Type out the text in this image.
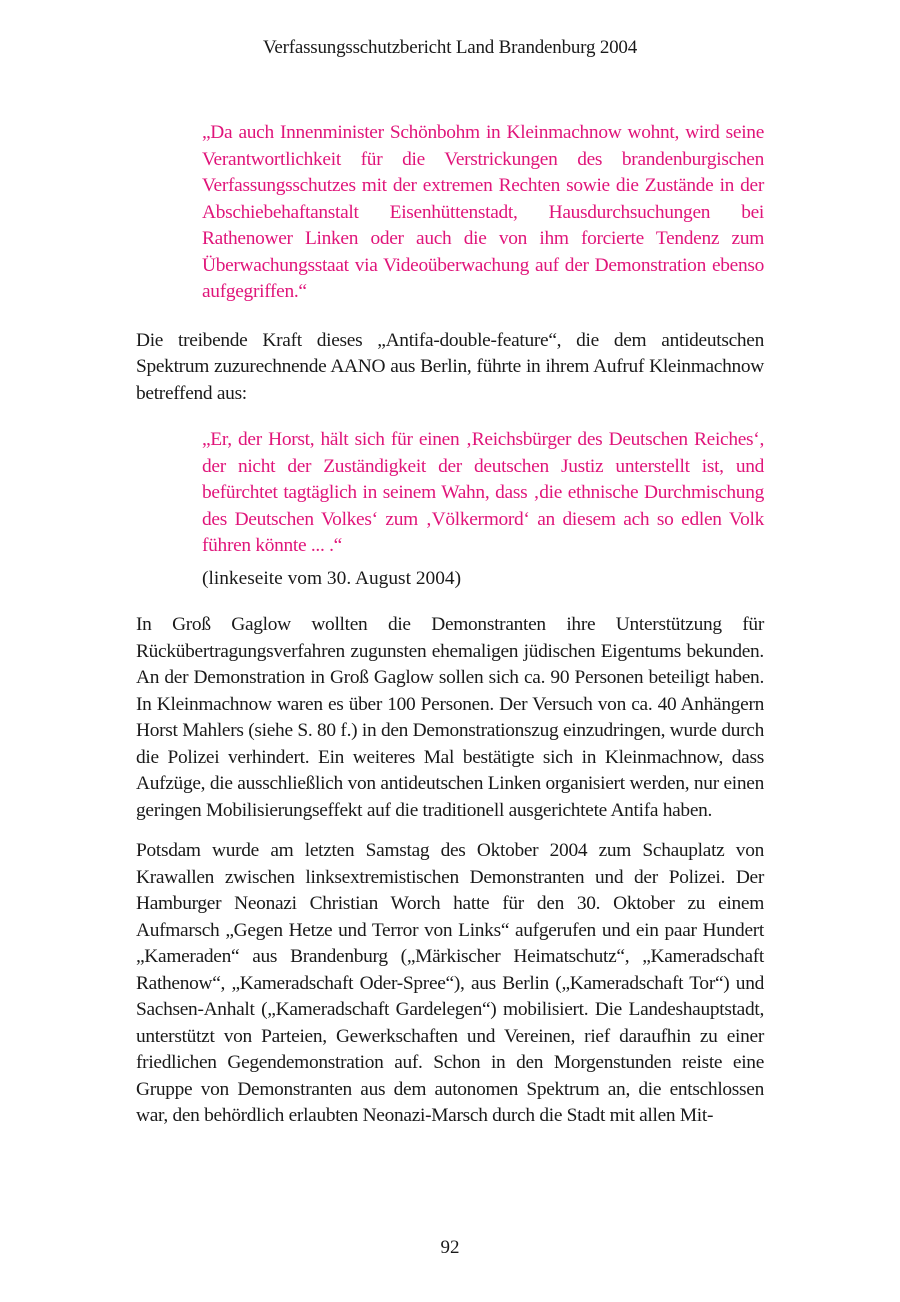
Verfassungsschutzbericht Land Brandenburg 2004
„Da auch Innenminister Schönbohm in Kleinmachnow wohnt, wird seine Verantwortlichkeit für die Verstrickungen des brandenburgischen Verfassungsschutzes mit der extremen Rechten sowie die Zustände in der Abschiebehaftanstalt Eisenhüttenstadt, Hausdurchsuchungen bei Rathenower Linken oder auch die von ihm forcierte Tendenz zum Überwachungsstaat via Videoüberwachung auf der Demonstration ebenso aufgegriffen.“

Die treibende Kraft dieses „Antifa-double-feature“, die dem antideutschen Spektrum zuzurechnende AANO aus Berlin, führte in ihrem Aufruf Kleinmachnow betreffend aus:

„Er, der Horst, hält sich für einen ‚Reichsbürger des Deutschen Reiches‘, der nicht der Zuständigkeit der deutschen Justiz unterstellt ist, und befürchtet tagtäglich in seinem Wahn, dass ‚die ethnische Durchmischung des Deutschen Volkes‘ zum ‚Völkermord‘ an diesem ach so edlen Volk führen könnte ... .“
(linkeseite vom 30. August 2004)

In Groß Gaglow wollten die Demonstranten ihre Unterstützung für Rückübertragungsverfahren zugunsten ehemaligen jüdischen Eigentums bekunden. An der Demonstration in Groß Gaglow sollen sich ca. 90 Personen beteiligt haben. In Kleinmachnow waren es über 100 Personen. Der Versuch von ca. 40 Anhängern Horst Mahlers (siehe S. 80 f.) in den Demonstrationszug einzudringen, wurde durch die Polizei verhindert. Ein weiteres Mal bestätigte sich in Kleinmachnow, dass Aufzüge, die ausschließlich von antideutschen Linken organisiert werden, nur einen geringen Mobilisierungseffekt auf die traditionell ausgerichtete Antifa haben.

Potsdam wurde am letzten Samstag des Oktober 2004 zum Schauplatz von Krawallen zwischen linksextremistischen Demonstranten und der Polizei. Der Hamburger Neonazi Christian Worch hatte für den 30. Oktober zu einem Aufmarsch „Gegen Hetze und Terror von Links“ aufgerufen und ein paar Hundert „Kameraden“ aus Brandenburg („Märkischer Heimatschutz“, „Kameradschaft Rathenow“, „Kameradschaft Oder-Spree“), aus Berlin („Kameradschaft Tor“) und Sachsen-Anhalt („Kameradschaft Gardelegen“) mobilisiert. Die Landeshauptstadt, unterstützt von Parteien, Gewerkschaften und Vereinen, rief daraufhin zu einer friedlichen Gegendemonstration auf. Schon in den Morgenstunden reiste eine Gruppe von Demonstranten aus dem autonomen Spektrum an, die entschlossen war, den behördlich erlaubten Neonazi-Marsch durch die Stadt mit allen Mit-

92
